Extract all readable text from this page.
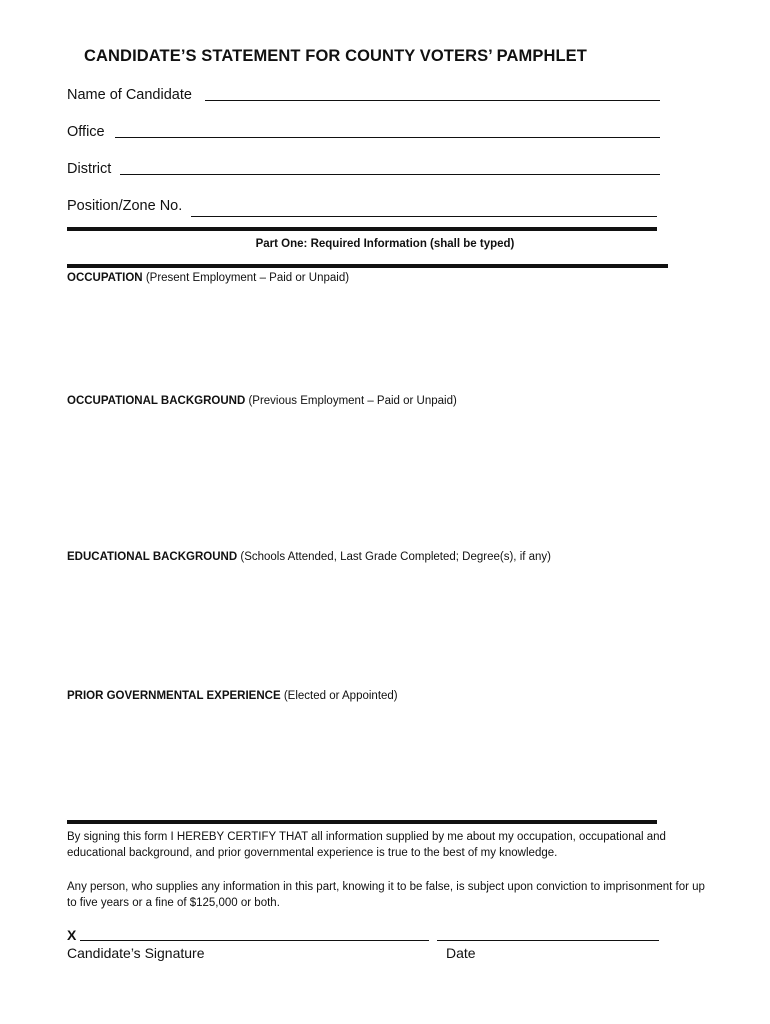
CANDIDATE’S STATEMENT FOR COUNTY VOTERS’ PAMPHLET
Name of Candidate
Office
District
Position/Zone No.
Part One: Required Information (shall be typed)
OCCUPATION (Present Employment – Paid or Unpaid)
OCCUPATIONAL BACKGROUND (Previous Employment – Paid or Unpaid)
EDUCATIONAL BACKGROUND (Schools Attended, Last Grade Completed; Degree(s), if any)
PRIOR GOVERNMENTAL EXPERIENCE (Elected or Appointed)
By signing this form I HEREBY CERTIFY THAT all information supplied by me about my occupation, occupational and educational background, and prior governmental experience is true to the best of my knowledge.
Any person, who supplies any information in this part, knowing it to be false, is subject upon conviction to imprisonment for up to five years or a fine of $125,000 or both.
X
Candidate’s Signature	Date
